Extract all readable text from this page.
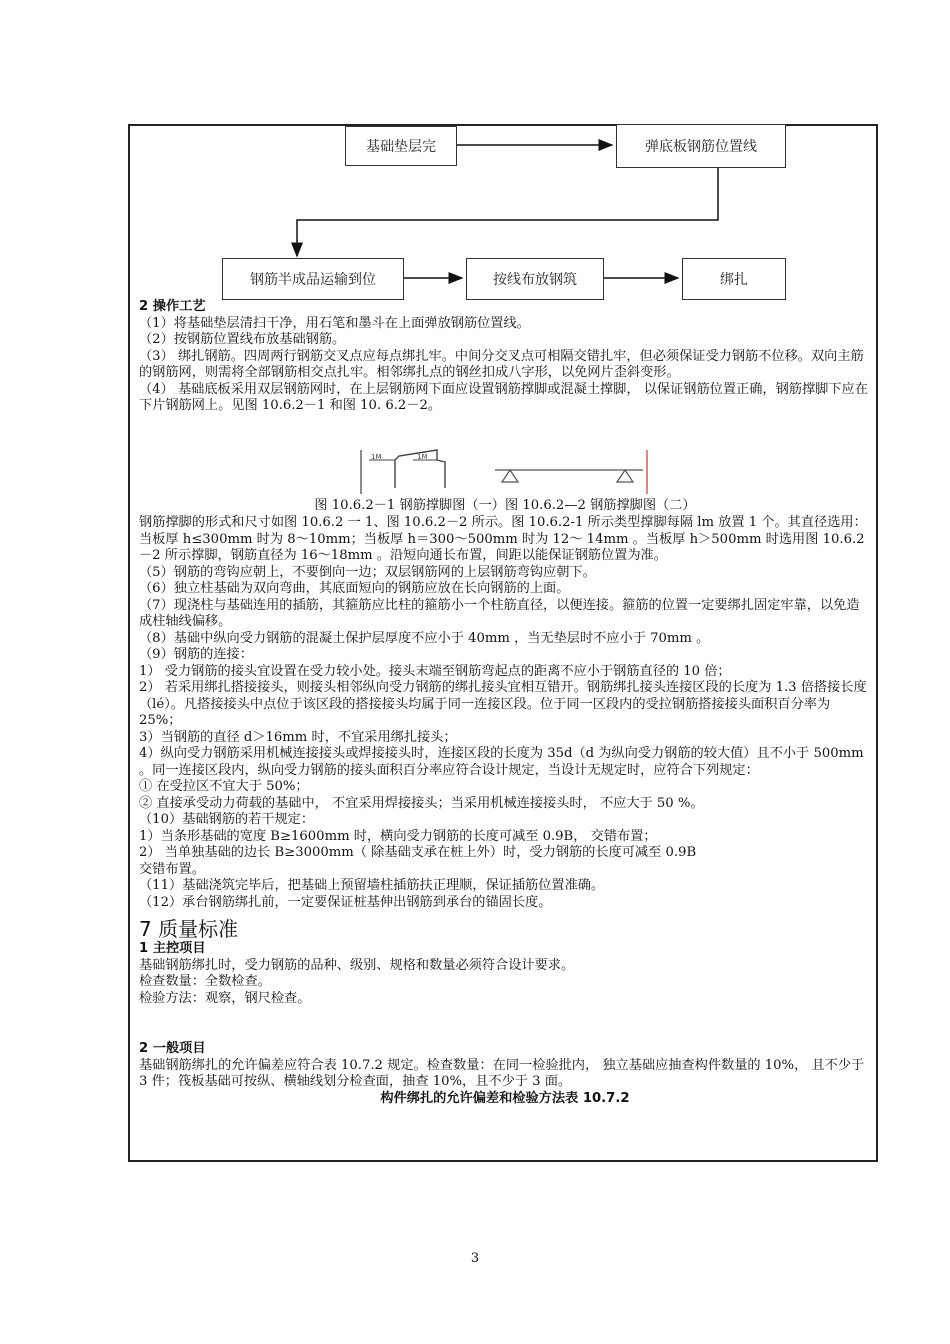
基础垫层完	弹底板钢筋位置线
钢筋半成品运输到位	按线布放钢筑	绑扎

2 操作工艺

（1）将基础垫层清扫干净，用石笔和墨斗在上面弹放钢筋位置线。

（2）按钢筋位置线布放基础钢筋。

（3） 绑扎钢筋。四周两行钢筋交叉点应每点绑扎牢。中间分交叉点可相隔交错扎牢，但必须保证受力钢筋不位移。双向主筋的钢筋网，则需将全部钢筋相交点扎牢。相邻绑扎点的钢丝扣成八字形，以免网片歪斜变形。

（4） 基础底板采用双层钢筋网时，在上层钢筋网下面应设置钢筋撑脚或混凝土撑脚， 以保证钢筋位置正确，钢筋撑脚下应在下片钢筋网上。见图 10.6.2－1 和图 10. 6.2－2。

1M	1M
图 10.6.2－1 钢筋撑脚图（一）图 10.6.2—2 钢筋撑脚图（二）

钢筋撑脚的形式和尺寸如图 10.6.2 一 1、图 10.6.2－2 所示。图 10.6.2-1 所示类型撑脚每隔 lm 放置 1 个。其直径选用：当板厚 h≤300mm 时为 8～10mm；当板厚 h＝300～500mm 时为 12～ 14mm 。当板厚 h＞500mm 时选用图 10.6.2－2 所示撑脚，钢筋直径为 16～18mm 。沿短向通长布置，间距以能保证钢筋位置为准。

（5）钢筋的弯钩应朝上，不要倒向一边；双层钢筋网的上层钢筋弯钩应朝下。

（6）独立柱基础为双向弯曲，其底面短向的钢筋应放在长向钢筋的上面。

（7）现浇柱与基础连用的插筋，其箍筋应比柱的箍筋小一个柱筋直径，以便连接。箍筋的位置一定要绑扎固定牢靠，以免造成柱轴线偏移。

（8）基础中纵向受力钢筋的混凝土保护层厚度不应小于 40mm ，当无垫层时不应小于 70mm 。

（9）钢筋的连接：

1） 受力钢筋的接头宜设置在受力较小处。接头末端至钢筋弯起点的距离不应小于钢筋直径的 10 倍；

2） 若采用绑扎搭接接头，则接头相邻纵向受力钢筋的绑扎接头宜相互错开。钢筋绑扎接头连接区段的长度为 1.3 倍搭接长度（lé）。凡搭接接头中点位于该区段的搭接接头均属于同一连接区段。位于同一区段内的受拉钢筋搭接接头面积百分率为 25%；

3）当钢筋的直径 d＞16mm 时，不宜采用绑扎接头；

4）纵向受力钢筋采用机械连接接头或焊接接头时，连接区段的长度为 35d（d 为纵向受力钢筋的较大值）且不小于 500mm 。同一连接区段内，纵向受力钢筋的接头面积百分率应符合设计规定，当设计无规定时，应符合下列规定：

① 在受拉区不宜大于 50%；

② 直接承受动力荷载的基础中， 不宜采用焊接接头；当采用机械连接接头时， 不应大于 50 %。

（10）基础钢筋的若干规定：

1）当条形基础的宽度 B≥1600mm 时，横向受力钢筋的长度可减至 0.9B， 交错布置；

2） 当单独基础的边长 B≥3000mm（ 除基础支承在桩上外）时，受力钢筋的长度可减至 0.9B

交错布置。

（11）基础浇筑完毕后，把基础上预留墙柱插筋扶正理顺，保证插筋位置准确。

（12）承台钢筋绑扎前，一定要保证桩基伸出钢筋到承台的锚固长度。

7 质量标准

1 主控项目

基础钢筋绑扎时，受力钢筋的品种、级别、规格和数量必须符合设计要求。

检查数量：全数检查。

检验方法：观察，钢尺检查。

2 一般项目

基础钢筋绑扎的允许偏差应符合表 10.7.2 规定。检查数量：在同一检验批内， 独立基础应抽查构件数量的 10%， 且不少于 3 件；筏板基础可按纵、横轴线划分检查面，抽查 10%，且不少于 3 面。

构件绑扎的允许偏差和检验方法表 10.7.2

3
